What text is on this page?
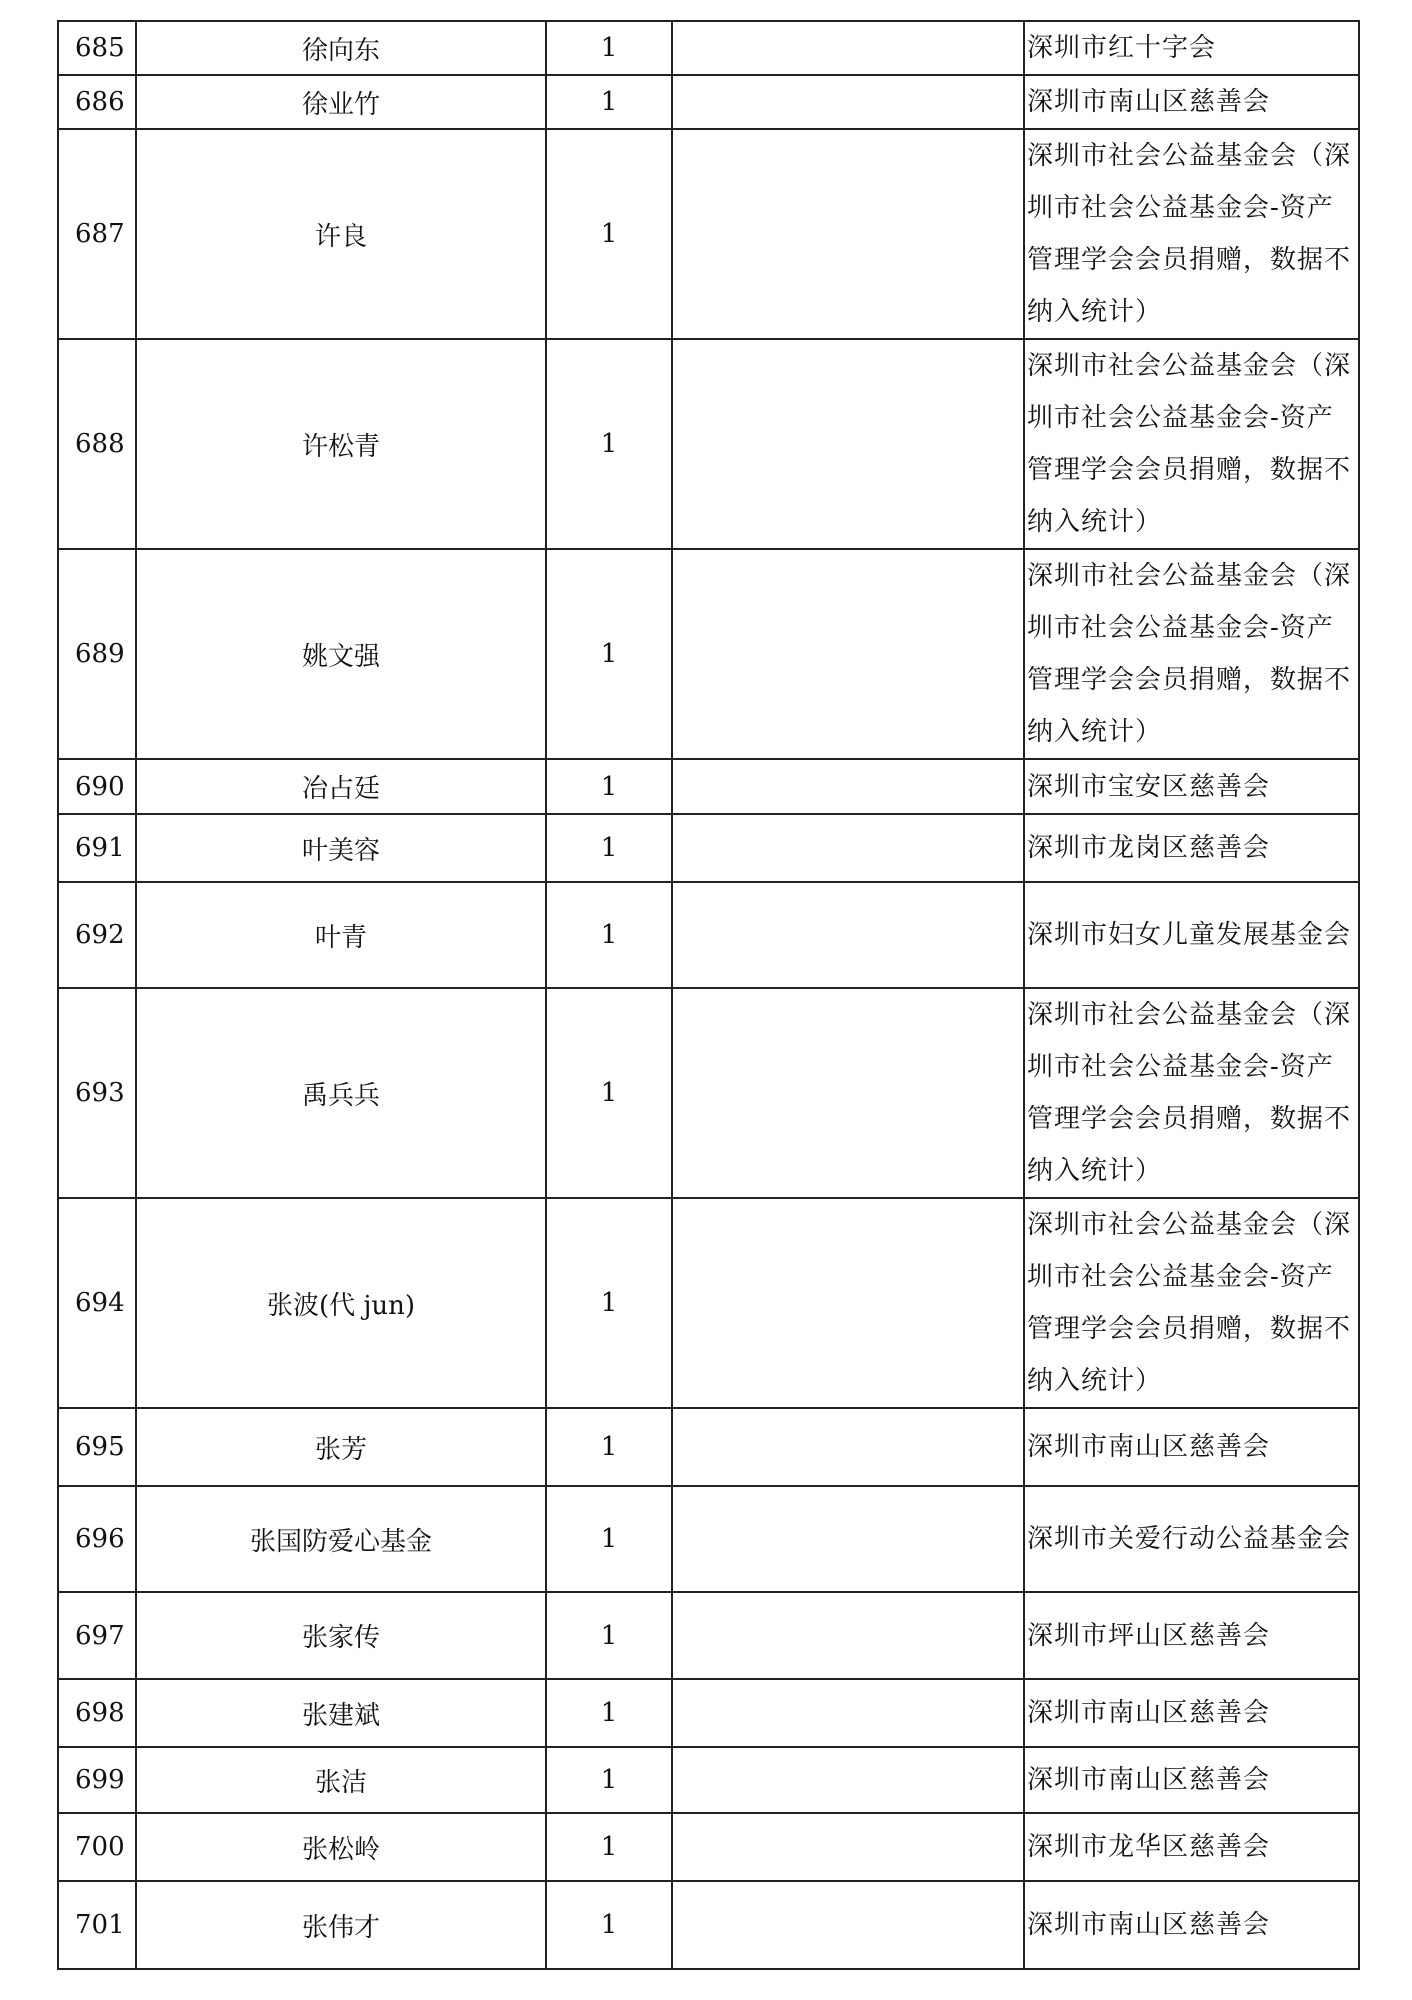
685	徐向东	1		深圳市红十字会
686	徐业竹	1		深圳市南山区慈善会
687	许良	1		深圳市社会公益基金会（深圳市社会公益基金会-资产管理学会会员捐赠，数据不纳入统计）
688	许松青	1		深圳市社会公益基金会（深圳市社会公益基金会-资产管理学会会员捐赠，数据不纳入统计）
689	姚文强	1		深圳市社会公益基金会（深圳市社会公益基金会-资产管理学会会员捐赠，数据不纳入统计）
690	冶占廷	1		深圳市宝安区慈善会
691	叶美容	1		深圳市龙岗区慈善会
692	叶青	1		深圳市妇女儿童发展基金会
693	禹兵兵	1		深圳市社会公益基金会（深圳市社会公益基金会-资产管理学会会员捐赠，数据不纳入统计）
694	张波(代 jun)	1		深圳市社会公益基金会（深圳市社会公益基金会-资产管理学会会员捐赠，数据不纳入统计）
695	张芳	1		深圳市南山区慈善会
696	张国防爱心基金	1		深圳市关爱行动公益基金会
697	张家传	1		深圳市坪山区慈善会
698	张建斌	1		深圳市南山区慈善会
699	张洁	1		深圳市南山区慈善会
700	张松岭	1		深圳市龙华区慈善会
701	张伟才	1		深圳市南山区慈善会
